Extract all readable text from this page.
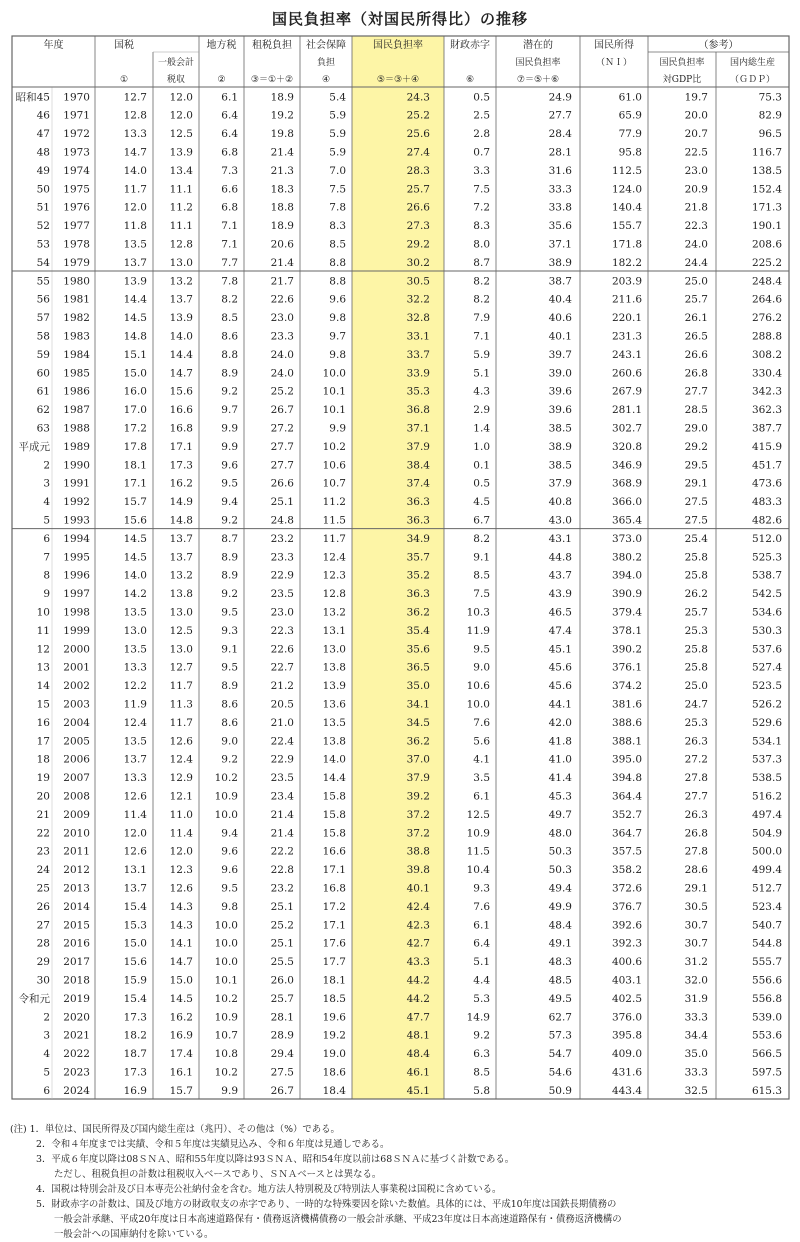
国民負担率（対国民所得比）の推移
年度	国税	地方税 租税負担 社会保障	国民負担率	財政赤字	潜在的	国民所得	（参考）
一般会計	負担	国民負担率	（ＮＩ）	国民負担率	国内総生産
①	税収	②	③＝①＋②	④	⑤＝③＋④	⑥	⑦＝⑤＋⑥	対GDP比	（ＧＤＰ）
昭和45 1970	12.7 12.0	6.1	18.9	5.4	24.3	0.5	24.9	61.0	19.7	75.3
46 1971	12.8 12.0	6.4	19.2	5.9	25.2	2.5	27.7	65.9	20.0	82.9
47 1972	13.3 12.5	6.4	19.8	5.9	25.6	2.8	28.4	77.9	20.7	96.5
48 1973	14.7 13.9	6.8	21.4	5.9	27.4	0.7	28.1	95.8	22.5	116.7
49 1974	14.0 13.4	7.3	21.3	7.0	28.3	3.3	31.6	112.5	23.0	138.5
50 1975	11.7 11.1	6.6	18.3	7.5	25.7	7.5	33.3	124.0	20.9	152.4
51 1976	12.0 11.2	6.8	18.8	7.8	26.6	7.2	33.8	140.4	21.8	171.3
52 1977	11.8 11.1	7.1	18.9	8.3	27.3	8.3	35.6	155.7	22.3	190.1
53 1978	13.5 12.8	7.1	20.6	8.5	29.2	8.0	37.1	171.8	24.0	208.6
54 1979	13.7 13.0	7.7	21.4	8.8	30.2	8.7	38.9	182.2	24.4	225.2
55 1980	13.9 13.2	7.8	21.7	8.8	30.5	8.2	38.7	203.9	25.0	248.4
56 1981	14.4 13.7	8.2	22.6	9.6	32.2	8.2	40.4	211.6	25.7	264.6
57 1982	14.5 13.9	8.5	23.0	9.8	32.8	7.9	40.6	220.1	26.1	276.2
58 1983	14.8 14.0	8.6	23.3	9.7	33.1	7.1	40.1	231.3	26.5	288.8
59 1984	15.1 14.4	8.8	24.0	9.8	33.7	5.9	39.7	243.1	26.6	308.2
60 1985	15.0 14.7	8.9	24.0	10.0	33.9	5.1	39.0	260.6	26.8	330.4
61 1986	16.0 15.6	9.2	25.2	10.1	35.3	4.3	39.6	267.9	27.7	342.3
62 1987	17.0 16.6	9.7	26.7	10.1	36.8	2.9	39.6	281.1	28.5	362.3
63 1988	17.2 16.8	9.9	27.2	9.9	37.1	1.4	38.5	302.7	29.0	387.7
平成元 1989	17.8 17.1	9.9	27.7	10.2	37.9	1.0	38.9	320.8	29.2	415.9
2 1990	18.1 17.3	9.6	27.7	10.6	38.4	0.1	38.5	346.9	29.5	451.7
3 1991	17.1 16.2	9.5	26.6	10.7	37.4	0.5	37.9	368.9	29.1	473.6
4 1992	15.7 14.9	9.4	25.1	11.2	36.3	4.5	40.8	366.0	27.5	483.3
5 1993	15.6 14.8	9.2	24.8	11.5	36.3	6.7	43.0	365.4	27.5	482.6
6 1994	14.5 13.7	8.7	23.2	11.7	34.9	8.2	43.1	373.0	25.4	512.0
7 1995	14.5 13.7	8.9	23.3	12.4	35.7	9.1	44.8	380.2	25.8	525.3
8 1996	14.0 13.2	8.9	22.9	12.3	35.2	8.5	43.7	394.0	25.8	538.7
9 1997	14.2 13.8	9.2	23.5	12.8	36.3	7.5	43.9	390.9	26.2	542.5
10 1998	13.5 13.0	9.5	23.0	13.2	36.2	10.3	46.5	379.4	25.7	534.6
11 1999	13.0 12.5	9.3	22.3	13.1	35.4	11.9	47.4	378.1	25.3	530.3
12 2000	13.5 13.0	9.1	22.6	13.0	35.6	9.5	45.1	390.2	25.8	537.6
13 2001	13.3 12.7	9.5	22.7	13.8	36.5	9.0	45.6	376.1	25.8	527.4
14 2002	12.2 11.7	8.9	21.2	13.9	35.0	10.6	45.6	374.2	25.0	523.5
15 2003	11.9 11.3	8.6	20.5	13.6	34.1	10.0	44.1	381.6	24.7	526.2
16 2004	12.4 11.7	8.6	21.0	13.5	34.5	7.6	42.0	388.6	25.3	529.6
17 2005	13.5 12.6	9.0	22.4	13.8	36.2	5.6	41.8	388.1	26.3	534.1
18 2006	13.7 12.4	9.2	22.9	14.0	37.0	4.1	41.0	395.0	27.2	537.3
19 2007	13.3 12.9 10.2	23.5	14.4	37.9	3.5	41.4	394.8	27.8	538.5
20 2008	12.6 12.1 10.9	23.4	15.8	39.2	6.1	45.3	364.4	27.7	516.2
21 2009	11.4 11.0 10.0	21.4	15.8	37.2	12.5	49.7	352.7	26.3	497.4
22 2010	12.0 11.4	9.4	21.4	15.8	37.2	10.9	48.0	364.7	26.8	504.9
23 2011	12.6 12.0	9.6	22.2	16.6	38.8	11.5	50.3	357.5	27.8	500.0
24 2012	13.1 12.3	9.6	22.8	17.1	39.8	10.4	50.3	358.2	28.6	499.4
25 2013	13.7 12.6	9.5	23.2	16.8	40.1	9.3	49.4	372.6	29.1	512.7
26 2014	15.4 14.3	9.8	25.1	17.2	42.4	7.6	49.9	376.7	30.5	523.4
27 2015	15.3 14.3 10.0	25.2	17.1	42.3	6.1	48.4	392.6	30.7	540.7
28 2016	15.0 14.1 10.0	25.1	17.6	42.7	6.4	49.1	392.3	30.7	544.8
29 2017	15.6 14.7 10.0	25.5	17.7	43.3	5.1	48.3	400.6	31.2	555.7
30 2018	15.9 15.0 10.1	26.0	18.1	44.2	4.4	48.5	403.1	32.0	556.6
令和元 2019	15.4 14.5 10.2	25.7	18.5	44.2	5.3	49.5	402.5	31.9	556.8
2 2020	17.3 16.2 10.9	28.1	19.6	47.7	14.9	62.7	376.0	33.3	539.0
3 2021	18.2 16.9 10.7	28.9	19.2	48.1	9.2	57.3	395.8	34.4	553.6
4 2022	18.7 17.4 10.8	29.4	19.0	48.4	6.3	54.7	409.0	35.0	566.5
5 2023	17.3 16.1 10.2	27.5	18.6	46.1	8.5	54.6	431.6	33.3	597.5
6 2024	16.9 15.7	9.9	26.7	18.4	45.1	5.8	50.9	443.4	32.5	615.3
(注) 1．単位は、国民所得及び国内総生産は（兆円）、その他は（%）である。
2．令和４年度までは実績、令和５年度は実績見込み、令和６年度は見通しである。
3．平成６年度以降は08ＳＮＡ、昭和55年度以降は93ＳＮＡ、昭和54年度以前は68ＳＮＡに基づく計数である。
ただし、租税負担の計数は租税収入ベースであり、ＳＮＡベースとは異なる。
4．国税は特別会計及び日本専売公社納付金を含む。地方法人特別税及び特別法人事業税は国税に含めている。
5．財政赤字の計数は、国及び地方の財政収支の赤字であり、一時的な特殊要因を除いた数値。具体的には、平成10年度は国鉄長期債務の
一般会計承継、平成20年度は日本高速道路保有・債務返済機構債務の一般会計承継、平成23年度は日本高速道路保有・債務返済機構の
一般会計への国庫納付を除いている。
